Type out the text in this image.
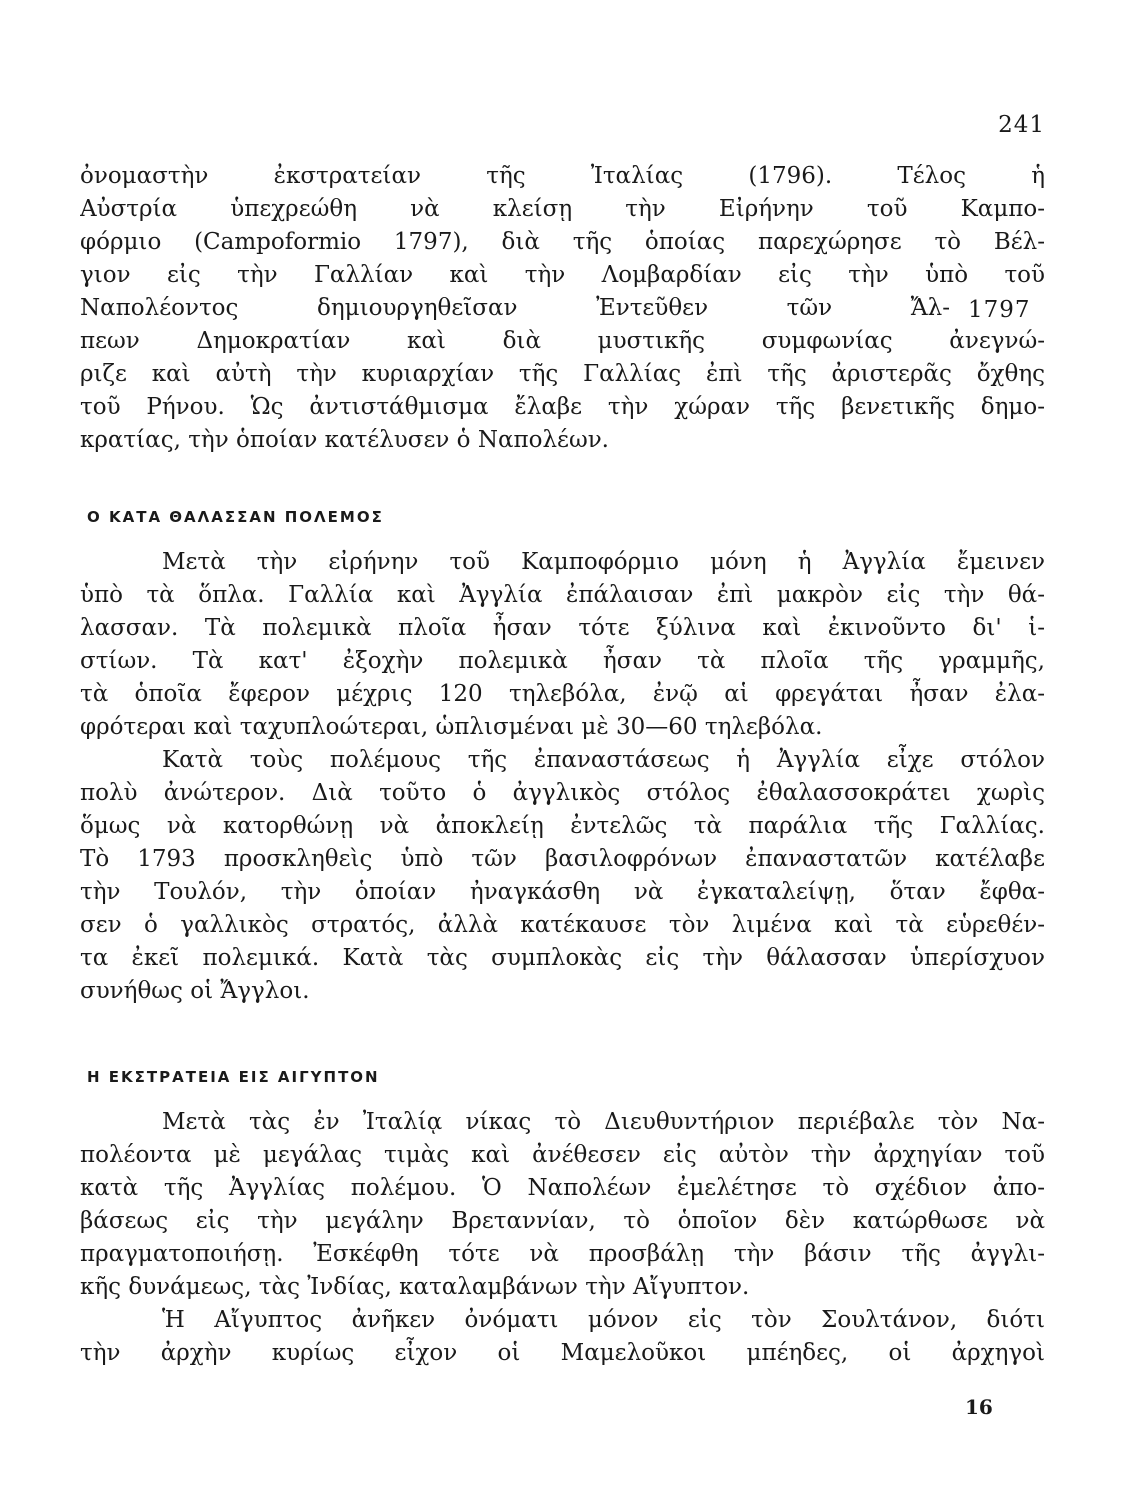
241
1797
ὀνομαστὴν ἐκστρατείαν τῆς Ἰταλίας (1796). Τέλος ἡ
Αὐστρία ὑπεχρεώθη νὰ κλείσῃ τὴν Εἰρήνην τοῦ Καμπο-
φόρμιο (Campoformio 1797), διὰ τῆς ὁποίας παρεχώρησε τὸ Βέλ-
γιον εἰς τὴν Γαλλίαν καὶ τὴν Λομβαρδίαν εἰς τὴν ὑπὸ τοῦ
Ναπολέοντος δημιουργηθεῖσαν Ἐντεῦθεν τῶν Ἄλ-
πεων Δημοκρατίαν καὶ διὰ μυστικῆς συμφωνίας ἀνεγνώ-
ριζε καὶ αὐτὴ τὴν κυριαρχίαν τῆς Γαλλίας ἐπὶ τῆς ἀριστερᾶς ὄχθης
τοῦ Ρήνου. Ὡς ἀντιστάθμισμα ἔλαβε τὴν χώραν τῆς βενετικῆς δημο-
κρατίας, τὴν ὁποίαν κατέλυσεν ὁ Ναπολέων.
Ο ΚΑΤΑ ΘΑΛΑΣΣΑΝ ΠΟΛΕΜΟΣ
Μετὰ τὴν εἰρήνην τοῦ Καμποφόρμιο μόνη ἡ Ἀγγλία ἔμεινεν
ὑπὸ τὰ ὅπλα. Γαλλία καὶ Ἀγγλία ἐπάλαισαν ἐπὶ μακρὸν εἰς τὴν θά-
λασσαν. Τὰ πολεμικὰ πλοῖα ἦσαν τότε ξύλινα καὶ ἐκινοῦντο δι' ἱ-
στίων. Τὰ κατ' ἐξοχὴν πολεμικὰ ἦσαν τὰ πλοῖα τῆς γραμμῆς,
τὰ ὁποῖα ἔφερον μέχρις 120 τηλεβόλα, ἐνῷ αἱ φρεγάται ἦσαν ἐλα-
φρότεραι καὶ ταχυπλοώτεραι, ὡπλισμέναι μὲ 30—60 τηλεβόλα.
Κατὰ τοὺς πολέμους τῆς ἐπαναστάσεως ἡ Ἀγγλία εἶχε στόλον
πολὺ ἀνώτερον. Διὰ τοῦτο ὁ ἀγγλικὸς στόλος ἐθαλασσοκράτει χωρὶς
ὅμως νὰ κατορθώνῃ νὰ ἀποκλείῃ ἐντελῶς τὰ παράλια τῆς Γαλλίας.
Τὸ 1793 προσκληθεὶς ὑπὸ τῶν βασιλοφρόνων ἐπαναστατῶν κατέλαβε
τὴν Τουλόν, τὴν ὁποίαν ἠναγκάσθη νὰ ἐγκαταλείψῃ, ὅταν ἔφθα-
σεν ὁ γαλλικὸς στρατός, ἀλλὰ κατέκαυσε τὸν λιμένα καὶ τὰ εὑρεθέν-
τα ἐκεῖ πολεμικά. Κατὰ τὰς συμπλοκὰς εἰς τὴν θάλασσαν ὑπερίσχυον
συνήθως οἱ Ἄγγλοι.
Η ΕΚΣΤΡΑΤΕΙΑ ΕΙΣ ΑΙΓΥΠΤΟΝ
Μετὰ τὰς ἐν Ἰταλίᾳ νίκας τὸ Διευθυντήριον περιέβαλε τὸν Να-
πολέοντα μὲ μεγάλας τιμὰς καὶ ἀνέθεσεν εἰς αὐτὸν τὴν ἀρχηγίαν τοῦ
κατὰ τῆς Ἀγγλίας πολέμου. Ὁ Ναπολέων ἐμελέτησε τὸ σχέδιον ἀπο-
βάσεως εἰς τὴν μεγάλην Βρεταννίαν, τὸ ὁποῖον δὲν κατώρθωσε νὰ
πραγματοποιήσῃ. Ἐσκέφθη τότε νὰ προσβάλῃ τὴν βάσιν τῆς ἀγγλι-
κῆς δυνάμεως, τὰς Ἰνδίας, καταλαμβάνων τὴν Αἴγυπτον.
Ἡ Αἴγυπτος ἀνῆκεν ὀνόματι μόνον εἰς τὸν Σουλτάνον, διότι
τὴν ἀρχὴν κυρίως εἶχον οἱ Μαμελοῦκοι μπέηδες, οἱ ἀρχηγοὶ
16
